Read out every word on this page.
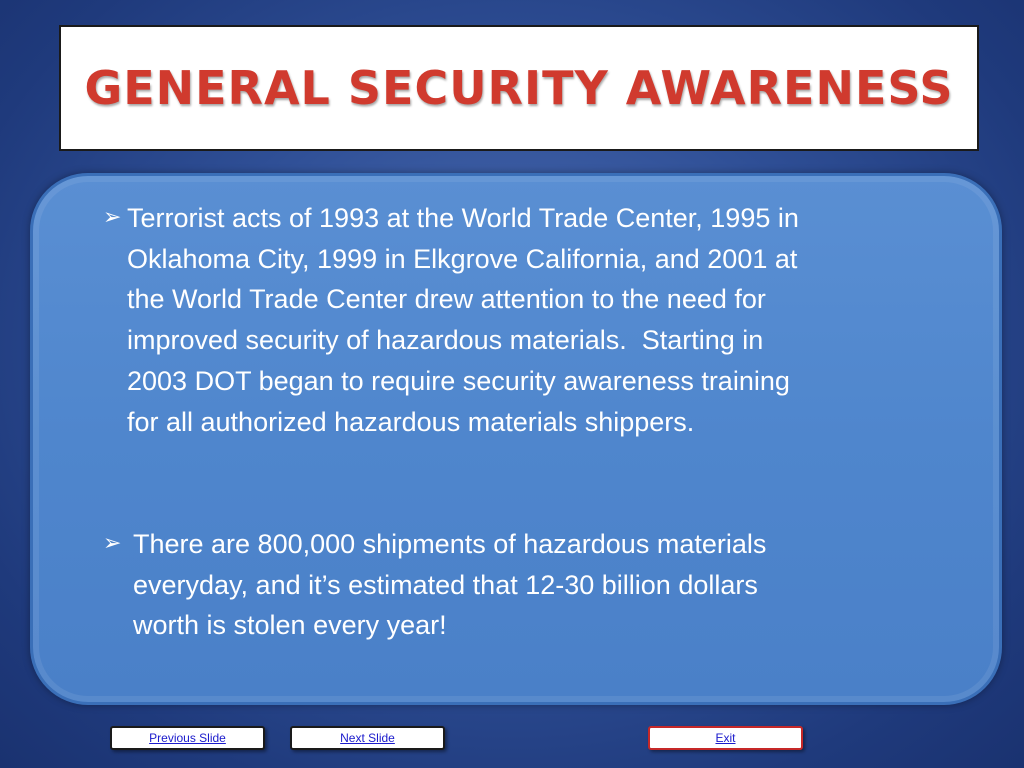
GENERAL SECURITY AWARENESS
➢ Terrorist acts of 1993 at the World Trade Center, 1995 in
Oklahoma City, 1999 in Elkgrove California, and 2001 at
the World Trade Center drew attention to the need for
improved security of hazardous materials.  Starting in
2003 DOT began to require security awareness training
for all authorized hazardous materials shippers.
➢ There are 800,000 shipments of hazardous materials
everyday, and it’s estimated that 12-30 billion dollars
worth is stolen every year!
Previous Slide	Next Slide	Exit
